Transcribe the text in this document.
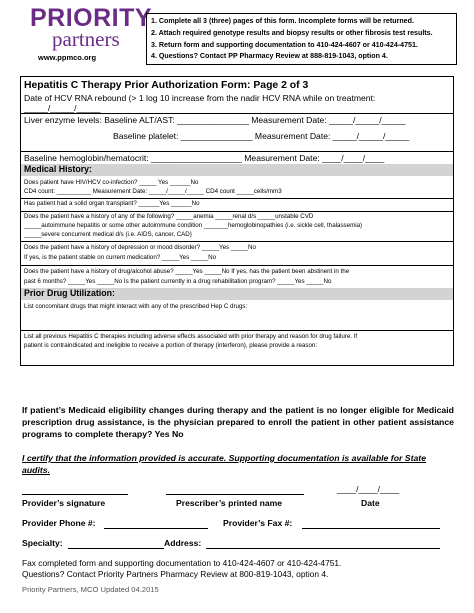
PRIORITY
partners
www.ppmco.org
1. Complete all 3 (three) pages of this form. Incomplete forms will be returned.
2. Attach required genotype results and biopsy results or other fibrosis test results.
3. Return form and supporting documentation to 410-424-4607 or 410-424-4751.
4. Questions? Contact PP Pharmacy Review at 888-819-1043, option 4.
Hepatitis C Therapy Prior Authorization Form: Page 2 of 3
Date of HCV RNA rebound (> 1 log 10 increase from the nadir HCV RNA while on treatment:
_____/_____/_____
Liver enzyme levels: Baseline ALT/AST: _______________ Measurement Date: _____/_____/_____
Baseline platelet: _______________ Measurement Date: _____/_____/_____
Baseline hemoglobin/hematocrit: ___________________ Measurement Date: ____/____/____
Medical History:
Does patient have HIV/HCV co-infection? _____ Yes ______No
CD4 count: __________ Measurement Date: _____/_____/_____ CD4 count _____cells/mm3
Has patient had a solid organ transplant? ______Yes ______No
Does the patient have a history of any of the following? _____anemia _____renal d/s _____unstable CVD
_____autoimmune hepatitis or some other autoimmune condition _______hemoglobinopathies (i.e. sickle cell, thalassemia)
_____severe concurrent medical d/s (i.e. AIDS, cancer, CAD)
Does the patient have a history of depression or mood disorder? _____Yes _____No
If yes, is the patient stable on current medication? _____Yes _____No
Does the patient have a history of drug/alcohol abuse? _____Yes _____No If yes, has the patient been abstinent in the
past 6 months? _____Yes _____No Is the patient currently in a drug rehabilitation program? _____Yes _____No
Prior Drug Utilization:
List concomitant drugs that might interact with any of the prescribed Hep C drugs:
List all previous Hepatitis C therapies including adverse effects associated with prior therapy and reason for drug failure. If
patient is contraindicated and ineligible to receive a portion of therapy (interferon), please provide a reason:
If patient’s Medicaid eligibility changes during therapy and the patient is no longer eligible for Medicaid prescription drug assistance, is the physician prepared to enroll the patient in other patient assistance programs to complete therapy? Yes No
I certify that the information provided is accurate. Supporting documentation is available for State audits.
____/____/____
Provider’s signature	Prescriber’s printed name	Date
Provider Phone #:	Provider’s Fax #:
Specialty:	Address:
Fax completed form and supporting documentation to 410-424-4607 or 410-424-4751.
Questions? Contact Priority Partners Pharmacy Review at 800-819-1043, option 4.
Priority Partners, MCO Updated 04.2015
